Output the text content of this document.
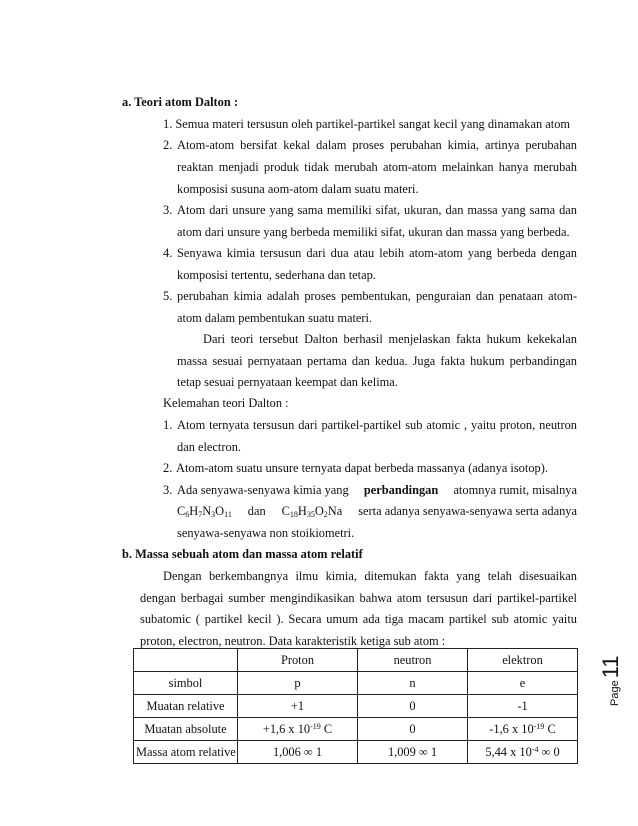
a. Teori atom Dalton :
1. Semua materi tersusun oleh partikel-partikel sangat kecil yang dinamakan atom
2. Atom-atom bersifat kekal dalam proses perubahan kimia, artinya perubahan
reaktan menjadi produk tidak merubah atom-atom melainkan hanya merubah
komposisi susuna aom-atom dalam suatu materi.
3. Atom dari unsure yang sama memiliki sifat, ukuran, dan massa yang sama dan
atom dari unsure yang berbeda memiliki sifat, ukuran dan massa yang berbeda.
4. Senyawa kimia tersusun dari dua atau lebih atom-atom yang berbeda dengan
komposisi tertentu, sederhana dan tetap.
5. perubahan kimia adalah proses pembentukan, penguraian dan penataan atom-
atom dalam pembentukan suatu materi.
Dari teori tersebut Dalton berhasil menjelaskan fakta hukum kekekalan
massa sesuai pernyataan pertama dan kedua. Juga fakta hukum perbandingan
tetap sesuai pernyataan keempat dan kelima.
Kelemahan teori Dalton :
1. Atom ternyata tersusun dari partikel-partikel sub atomic , yaitu proton, neutron
dan electron.
2. Atom-atom suatu unsure ternyata dapat berbeda massanya (adanya isotop).
3. Ada senyawa-senyawa kimia yang perbandingan atomnya rumit, misalnya
$C_6H_7N_3O_{11}$ dan $C_{18}H_{35}O_2Na$ serta adanya senyawa-senyawa serta adanya
senyawa-senyawa non stoikiometri.
b. Massa sebuah atom dan massa atom relatif
Dengan berkembangnya ilmu kimia, ditemukan fakta yang telah disesuaikan
dengan berbagai sumber mengindikasikan bahwa atom tersusun dari partikel-partikel
subatomic ( partikel kecil ). Secara umum ada tiga macam partikel sub atomic yaitu
proton, electron, neutron. Data karakteristik ketiga sub atom :
	Proton	neutron	elektron
simbol	p	n	e
Muatan relative	+1	0	-1
Muatan absolute	+1,6 x $10^{-19}$ C	0	-1,6 x $10^{-19}$ C
Massa atom relative	1,006 ∞ 1	1,009 ∞ 1	5,44 x $10^{-4}$ ∞ 0
Page11
